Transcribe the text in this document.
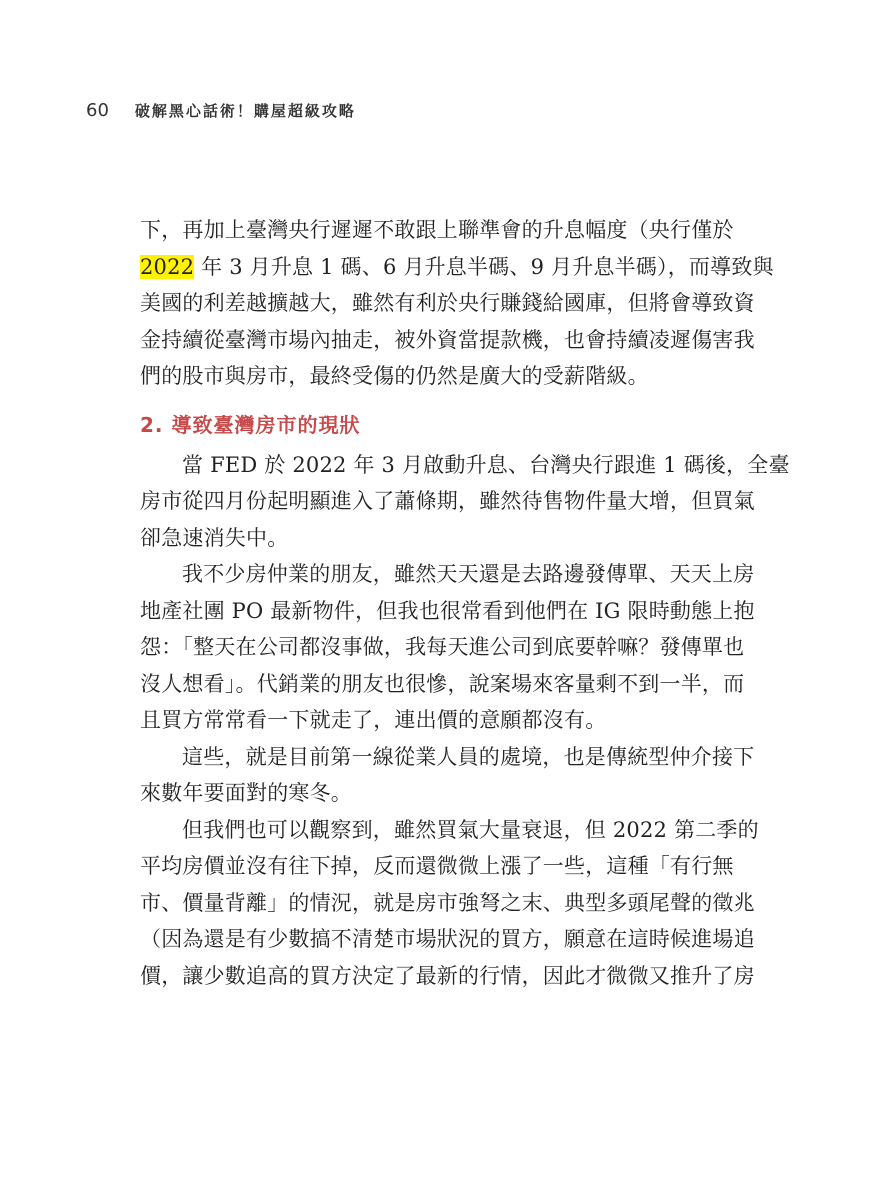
60 破解黑心話術！購屋超級攻略

下，再加上臺灣央行遲遲不敢跟上聯準會的升息幅度（央行僅於
2022 年 3 月升息 1 碼、6 月升息半碼、9 月升息半碼），而導致與
美國的利差越擴越大，雖然有利於央行賺錢給國庫，但將會導致資
金持續從臺灣市場內抽走，被外資當提款機，也會持續凌遲傷害我
們的股市與房市，最終受傷的仍然是廣大的受薪階級。

2. 導致臺灣房市的現狀

當 FED 於 2022 年 3 月啟動升息、台灣央行跟進 1 碼後，全臺
房市從四月份起明顯進入了蕭條期，雖然待售物件量大增，但買氣
卻急速消失中。

我不少房仲業的朋友，雖然天天還是去路邊發傳單、天天上房
地產社團 PO 最新物件，但我也很常看到他們在 IG 限時動態上抱
怨：「整天在公司都沒事做，我每天進公司到底要幹嘛？發傳單也
沒人想看」。代銷業的朋友也很慘，說案場來客量剩不到一半，而
且買方常常看一下就走了，連出價的意願都沒有。

這些，就是目前第一線從業人員的處境，也是傳統型仲介接下
來數年要面對的寒冬。

但我們也可以觀察到，雖然買氣大量衰退，但 2022 第二季的
平均房價並沒有往下掉，反而還微微上漲了一些，這種「有行無
市、價量背離」的情況，就是房市強弩之末、典型多頭尾聲的徵兆
（因為還是有少數搞不清楚市場狀況的買方，願意在這時候進場追
價，讓少數追高的買方決定了最新的行情，因此才微微又推升了房
